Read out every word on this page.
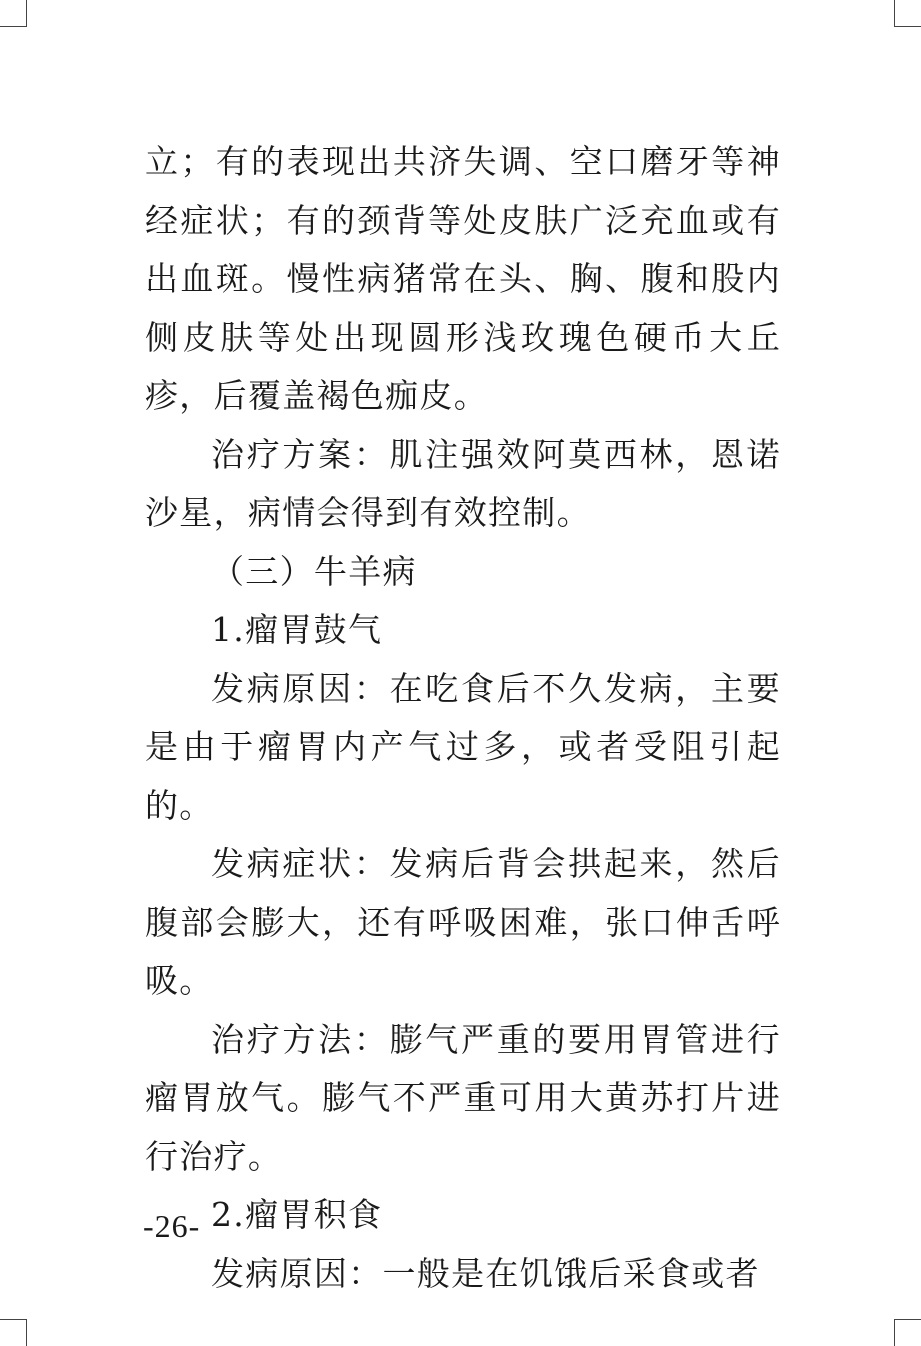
立；有的表现出共济失调、空口磨牙等神经症状；有的颈背等处皮肤广泛充血或有出血斑。慢性病猪常在头、胸、腹和股内侧皮肤等处出现圆形浅玫瑰色硬币大丘疹，后覆盖褐色痂皮。

治疗方案：肌注强效阿莫西林，恩诺沙星，病情会得到有效控制。

（三）牛羊病

1.瘤胃鼓气

发病原因：在吃食后不久发病，主要是由于瘤胃内产气过多，或者受阻引起的。

发病症状：发病后背会拱起来，然后腹部会膨大，还有呼吸困难，张口伸舌呼吸。

治疗方法：膨气严重的要用胃管进行瘤胃放气。膨气不严重可用大黄苏打片进行治疗。

2.瘤胃积食

发病原因：一般是在饥饿后采食或者

-26-
